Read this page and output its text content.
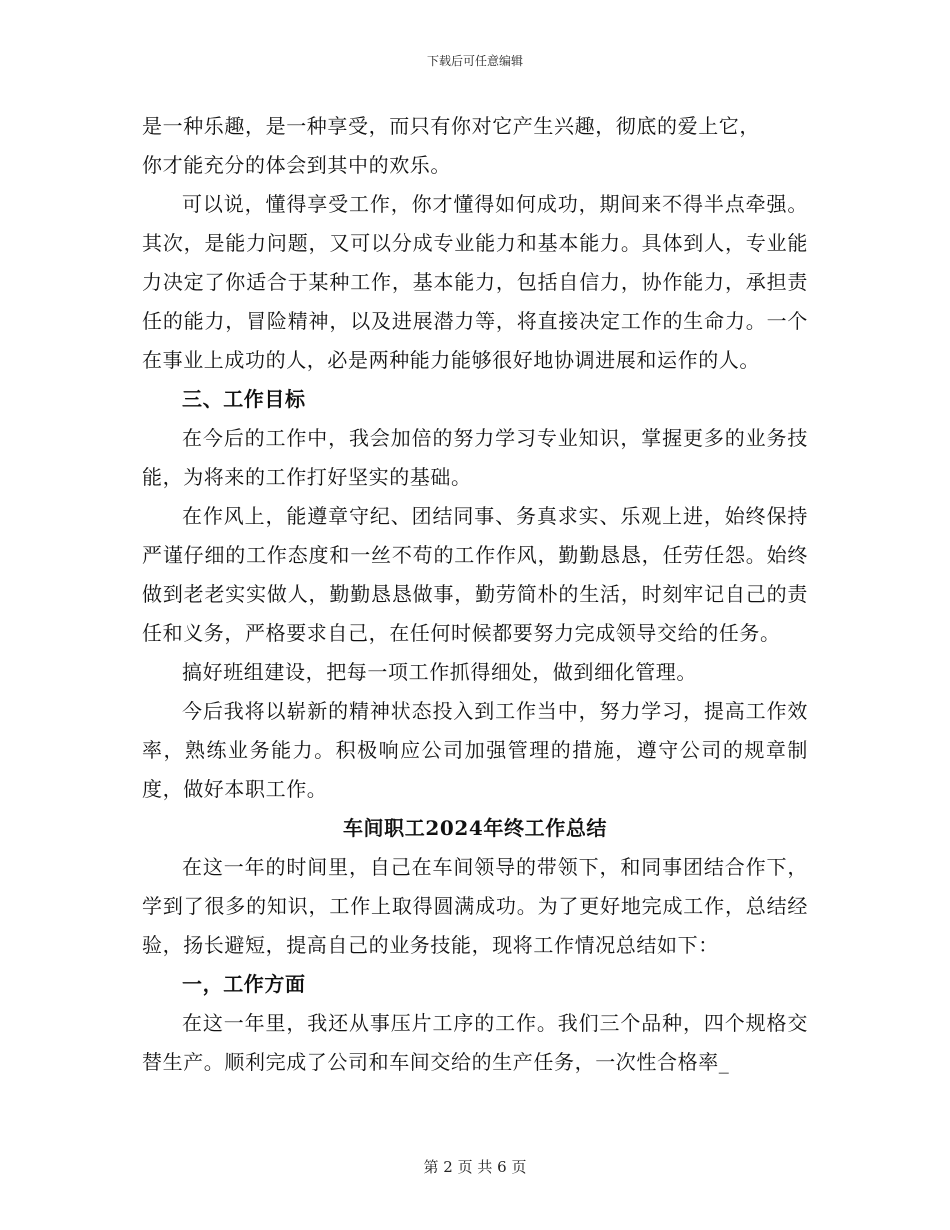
下载后可任意编辑

是一种乐趣，是一种享受，而只有你对它产生兴趣，彻底的爱上它，
你才能充分的体会到其中的欢乐。

可以说，懂得享受工作，你才懂得如何成功，期间来不得半点牵强。其次，是能力问题，又可以分成专业能力和基本能力。具体到人，专业能力决定了你适合于某种工作，基本能力，包括自信力，协作能力，承担责任的能力，冒险精神，以及进展潜力等，将直接决定工作的生命力。一个在事业上成功的人，必是两种能力能够很好地协调进展和运作的人。

三、工作目标

在今后的工作中，我会加倍的努力学习专业知识，掌握更多的业务技能，为将来的工作打好坚实的基础。

在作风上，能遵章守纪、团结同事、务真求实、乐观上进，始终保持严谨仔细的工作态度和一丝不苟的工作作风，勤勤恳恳，任劳任怨。始终做到老老实实做人，勤勤恳恳做事，勤劳简朴的生活，时刻牢记自己的责任和义务，严格要求自己，在任何时候都要努力完成领导交给的任务。

搞好班组建设，把每一项工作抓得细处，做到细化管理。

今后我将以崭新的精神状态投入到工作当中，努力学习，提高工作效率，熟练业务能力。积极响应公司加强管理的措施，遵守公司的规章制度，做好本职工作。

车间职工2024年终工作总结

在这一年的时间里，自己在车间领导的带领下，和同事团结合作下，学到了很多的知识，工作上取得圆满成功。为了更好地完成工作，总结经验，扬长避短，提高自己的业务技能，现将工作情况总结如下：

一，工作方面

在这一年里，我还从事压片工序的工作。我们三个品种，四个规格交替生产。顺利完成了公司和车间交给的生产任务，一次性合格率_

第 2 页 共 6 页
